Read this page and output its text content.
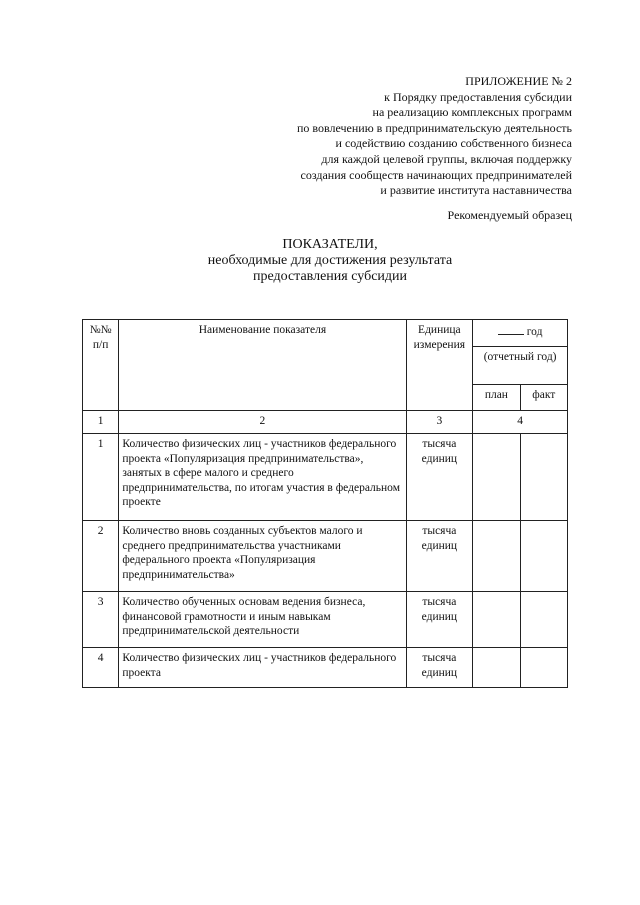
ПРИЛОЖЕНИЕ № 2
к Порядку предоставления субсидии
на реализацию комплексных программ
по вовлечению в предпринимательскую деятельность
и содействию созданию собственного бизнеса
для каждой целевой группы, включая поддержку
создания сообществ начинающих предпринимателей
и развитие института наставничества
Рекомендуемый образец
ПОКАЗАТЕЛИ,
необходимые для достижения результата
предоставления субсидии
№№ п/п	Наименование показателя	Единица измерения	год	
			(отчетный год)	
			план	факт
1	2	3	4	
1	Количество физических лиц - участников федерального проекта «Популяризация предпринимательства», занятых в сфере малого и среднего предпринимательства, по итогам участия в федеральном проекте	тысяча единиц		
2	Количество вновь созданных субъектов малого и среднего предпринимательства участниками федерального проекта «Популяризация предпринимательства»	тысяча единиц		
3	Количество обученных основам ведения бизнеса, финансовой грамотности и иным навыкам предпринимательской деятельности	тысяча единиц		
4	Количество физических лиц - участников федерального проекта	тысяча единиц		
